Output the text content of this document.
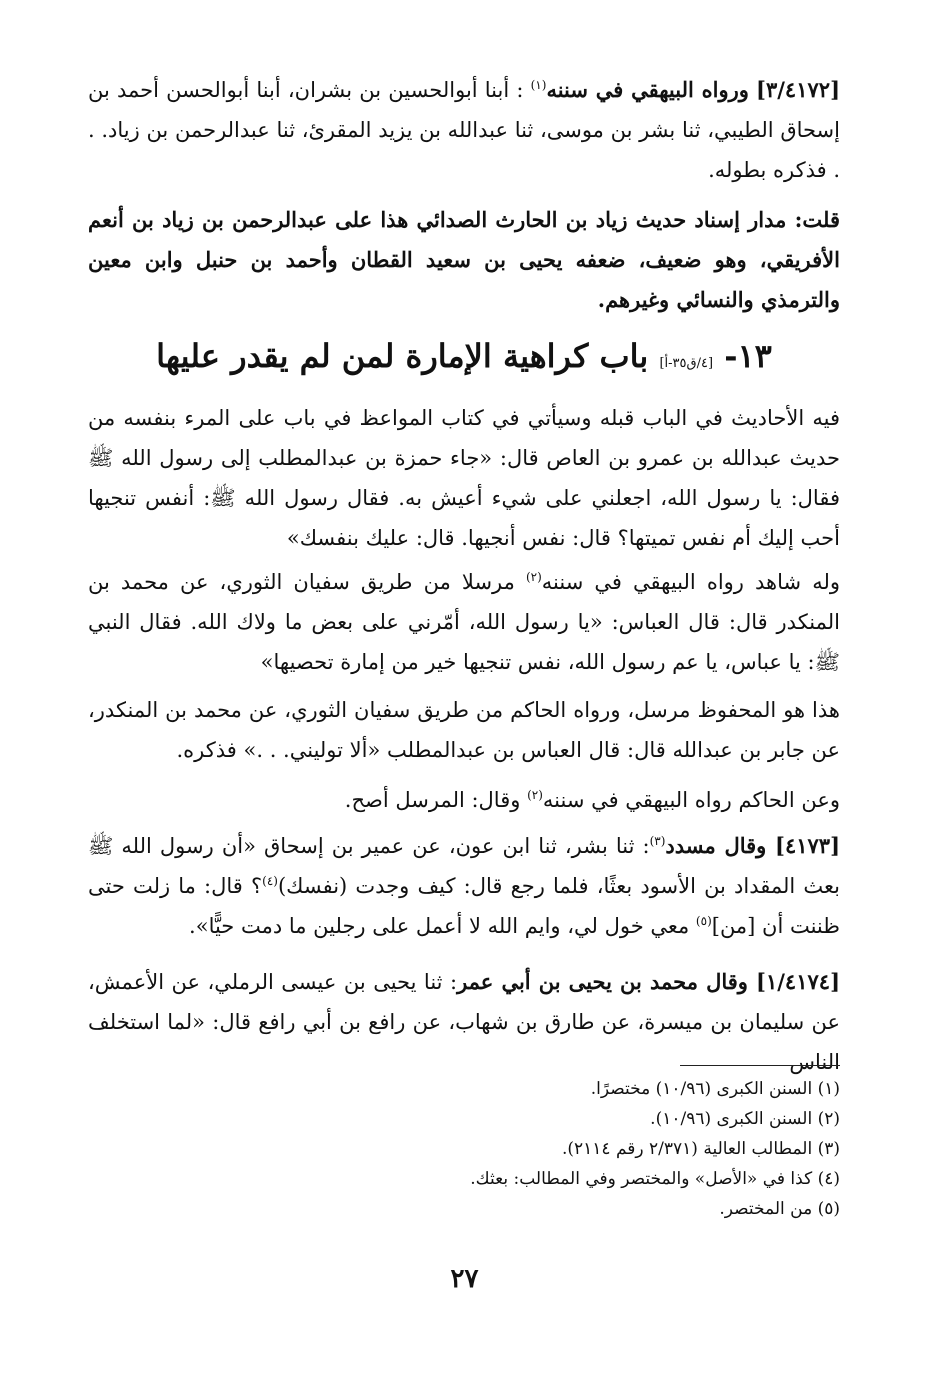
[٣/٤١٧٢] ورواه البيهقي في سننه$^{(١)}$ : أبنا أبوالحسين بن بشران، أبنا أبوالحسن أحمد بن إسحاق الطيبي، ثنا بشر بن موسى، ثنا عبدالله بن يزيد المقرئ، ثنا عبدالرحمن بن زياد. . . فذكره بطوله.
قلت: مدار إسناد حديث زياد بن الحارث الصدائي هذا على عبدالرحمن بن زياد بن أنعم الأفريقي، وهو ضعيف، ضعفه يحيى بن سعيد القطان وأحمد بن حنبل وابن معين والترمذي والنسائي وغيرهم.
١٣- [٤/ق٣٥-أ] باب كراهية الإمارة لمن لم يقدر عليها
فيه الأحاديث في الباب قبله وسيأتي في كتاب المواعظ في باب على المرء بنفسه من حديث عبدالله بن عمرو بن العاص قال: «جاء حمزة بن عبدالمطلب إلى رسول الله ﷺ فقال: يا رسول الله، اجعلني على شيء أعيش به. فقال رسول الله ﷺ: أنفس تنجيها أحب إليك أم نفس تميتها؟ قال: نفس أنجيها. قال: عليك بنفسك»
وله شاهد رواه البيهقي في سننه$^{(٢)}$ مرسلا من طريق سفيان الثوري، عن محمد بن المنكدر قال: قال العباس: «يا رسول الله، أمّرني على بعض ما ولاك الله. فقال النبي ﷺ: يا عباس، يا عم رسول الله، نفس تنجيها خير من إمارة تحصيها»
هذا هو المحفوظ مرسل، ورواه الحاكم من طريق سفيان الثوري، عن محمد بن المنكدر، عن جابر بن عبدالله قال: قال العباس بن عبدالمطلب «ألا توليني. . .» فذكره.
وعن الحاكم رواه البيهقي في سننه$^{(٢)}$ وقال: المرسل أصح.
[٤١٧٣] وقال مسدد$^{(٣)}$: ثنا بشر، ثنا ابن عون، عن عمير بن إسحاق «أن رسول الله ﷺ بعث المقداد بن الأسود بعثًا، فلما رجع قال: كيف وجدت (نفسك)$^{(٤)}$؟ قال: ما زلت حتى ظننت أن [من]$^{(٥)}$ معي خول لي، وايم الله لا أعمل على رجلين ما دمت حيًّا».
[١/٤١٧٤] وقال محمد بن يحيى بن أبي عمر: ثنا يحيى بن عيسى الرملي، عن الأعمش، عن سليمان بن ميسرة، عن طارق بن شهاب، عن رافع بن أبي رافع قال: «لما استخلف الناس
(١) السنن الكبرى (١٠/٩٦) مختصرًا.
(٢) السنن الكبرى (١٠/٩٦).
(٣) المطالب العالية (٢/٣٧١ رقم ٢١١٤).
(٤) كذا في «الأصل» والمختصر وفي المطالب: بعثك.
(٥) من المختصر.
٢٧
